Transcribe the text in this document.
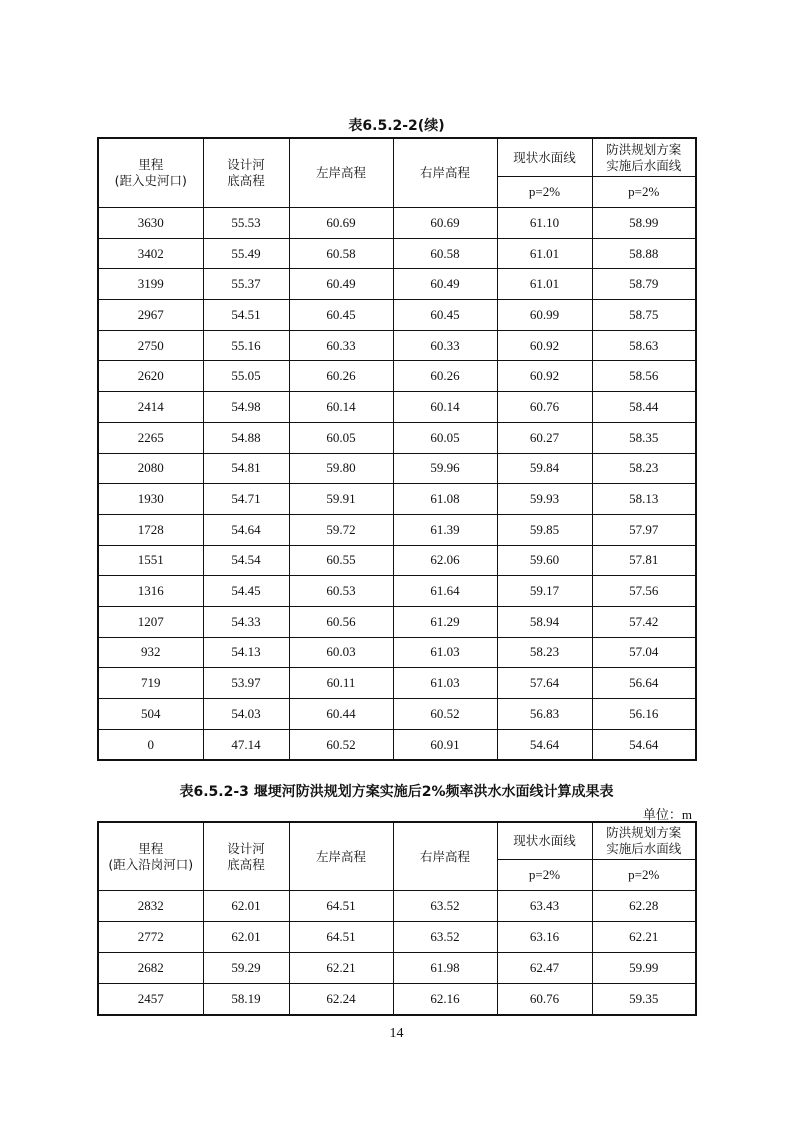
表6.5.2-2(续)
里程
(距入史河口)	设计河
底高程	左岸高程	右岸高程	现状水面线	防洪规划方案
实施后水面线
				p=2%	p=2%
3630	55.53	60.69	60.69	61.10	58.99
3402	55.49	60.58	60.58	61.01	58.88
3199	55.37	60.49	60.49	61.01	58.79
2967	54.51	60.45	60.45	60.99	58.75
2750	55.16	60.33	60.33	60.92	58.63
2620	55.05	60.26	60.26	60.92	58.56
2414	54.98	60.14	60.14	60.76	58.44
2265	54.88	60.05	60.05	60.27	58.35
2080	54.81	59.80	59.96	59.84	58.23
1930	54.71	59.91	61.08	59.93	58.13
1728	54.64	59.72	61.39	59.85	57.97
1551	54.54	60.55	62.06	59.60	57.81
1316	54.45	60.53	61.64	59.17	57.56
1207	54.33	60.56	61.29	58.94	57.42
932	54.13	60.03	61.03	58.23	57.04
719	53.97	60.11	61.03	57.64	56.64
504	54.03	60.44	60.52	56.83	56.16
0	47.14	60.52	60.91	54.64	54.64
表6.5.2-3 堰埂河防洪规划方案实施后2%频率洪水水面线计算成果表
单位：m
里程
(距入沿岗河口)	设计河
底高程	左岸高程	右岸高程	现状水面线	防洪规划方案
实施后水面线
				p=2%	p=2%
2832	62.01	64.51	63.52	63.43	62.28
2772	62.01	64.51	63.52	63.16	62.21
2682	59.29	62.21	61.98	62.47	59.99
2457	58.19	62.24	62.16	60.76	59.35
14
